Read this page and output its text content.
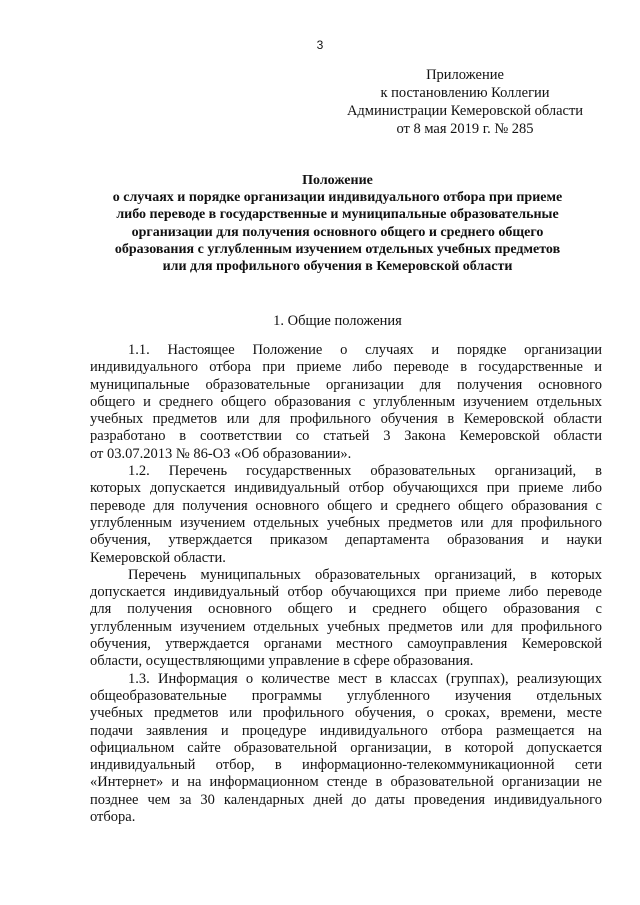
3
Приложение
к постановлению Коллегии
Администрации Кемеровской области
от 8 мая 2019 г. № 285
Положение
о случаях и порядке организации индивидуального отбора при приеме
либо переводе в государственные и муниципальные образовательные
организации для получения основного общего и среднего общего
образования с углубленным изучением отдельных учебных предметов
или для профильного обучения в Кемеровской области
1. Общие положения
1.1. Настоящее Положение о случаях и порядке организации
индивидуального отбора при приеме либо переводе в государственные и
муниципальные образовательные организации для получения основного
общего и среднего общего образования с углубленным изучением отдельных
учебных предметов или для профильного обучения в Кемеровской области
разработано в соответствии со статьей 3 Закона Кемеровской области
от 03.07.2013 № 86-ОЗ «Об образовании».
1.2. Перечень государственных образовательных организаций, в
которых допускается индивидуальный отбор обучающихся при приеме либо
переводе для получения основного общего и среднего общего образования с
углубленным изучением отдельных учебных предметов или для профильного
обучения, утверждается приказом департамента образования и науки
Кемеровской области.
Перечень муниципальных образовательных организаций, в которых
допускается индивидуальный отбор обучающихся при приеме либо переводе
для получения основного общего и среднего общего образования с
углубленным изучением отдельных учебных предметов или для профильного
обучения, утверждается органами местного самоуправления Кемеровской
области, осуществляющими управление в сфере образования.
1.3. Информация о количестве мест в классах (группах), реализующих
общеобразовательные программы углубленного изучения отдельных
учебных предметов или профильного обучения, о сроках, времени, месте
подачи заявления и процедуре индивидуального отбора размещается на
официальном сайте образовательной организации, в которой допускается
индивидуальный отбор, в информационно-телекоммуникационной сети
«Интернет» и на информационном стенде в образовательной организации не
позднее чем за 30 календарных дней до даты проведения индивидуального
отбора.
